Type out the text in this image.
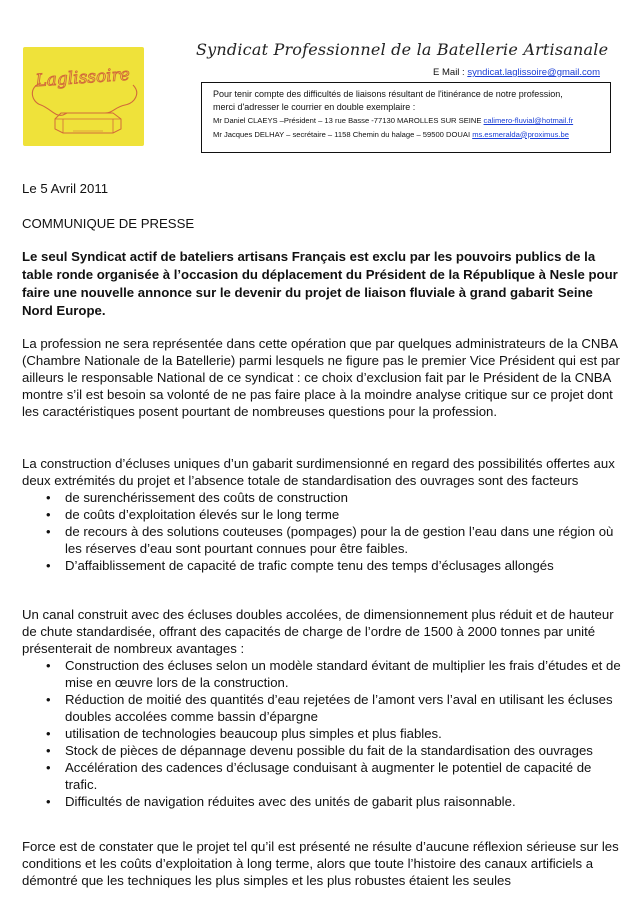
Laglissoire
Syndicat Professionnel de la Batellerie Artisanale
E Mail : syndicat.laglissoire@gmail.com
Pour tenir compte des difficultés de liaisons résultant de l'itinérance de notre profession,
merci d'adresser le courrier en double exemplaire :
Mr Daniel CLAEYS –Président – 13 rue Basse -77130 MAROLLES SUR SEINE calimero-fluvial@hotmail.fr
Mr Jacques DELHAY – secrétaire – 1158 Chemin du halage – 59500 DOUAI ms.esmeralda@proximus.be
Le 5 Avril 2011
COMMUNIQUE DE PRESSE
Le seul Syndicat actif de bateliers artisans Français est exclu par les pouvoirs publics de la table ronde organisée à l’occasion du déplacement du Président de la République à Nesle pour faire une nouvelle annonce sur le devenir du projet de liaison fluviale à grand gabarit Seine Nord Europe.
La profession ne sera représentée dans cette opération que par quelques administrateurs de la CNBA (Chambre Nationale de la Batellerie) parmi lesquels ne figure pas le premier Vice Président qui est par ailleurs le responsable National de ce syndicat : ce choix d’exclusion fait par le Président de la CNBA montre s’il est besoin sa volonté de ne pas faire place à la moindre analyse critique sur ce projet dont les caractéristiques posent pourtant de nombreuses questions pour la profession.
La construction d’écluses uniques d’un gabarit surdimensionné en regard des possibilités offertes aux deux extrémités du projet et l’absence totale de standardisation des ouvrages sont des facteurs
• de surenchérissement des coûts de construction
• de coûts d’exploitation élevés sur le long terme
• de recours à des solutions couteuses (pompages) pour la de gestion l’eau dans une région où les réserves d’eau sont pourtant connues pour être faibles.
• D’affaiblissement de capacité de trafic compte tenu des temps d’éclusages allongés
Un canal construit avec des écluses doubles accolées, de dimensionnement plus réduit et de hauteur de chute standardisée, offrant des capacités de charge de l’ordre de 1500 à 2000 tonnes par unité présenterait de nombreux avantages :
• Construction des écluses selon un modèle standard évitant de multiplier les frais d’études et de mise en œuvre lors de la construction.
• Réduction de moitié des quantités d’eau rejetées de l’amont vers l’aval en utilisant les écluses doubles accolées comme bassin d’épargne
• utilisation de technologies beaucoup plus simples et plus fiables.
• Stock de pièces de dépannage devenu possible du fait de la standardisation des ouvrages
• Accélération des cadences d’éclusage conduisant à augmenter le potentiel de capacité de trafic.
• Difficultés de navigation réduites avec des unités de gabarit plus raisonnable.
Force est de constater que le projet tel qu’il est présenté ne résulte d’aucune réflexion sérieuse sur les conditions et les coûts d’exploitation à long terme, alors que toute l’histoire des canaux artificiels a démontré que les techniques les plus simples et les plus robustes étaient les seules
